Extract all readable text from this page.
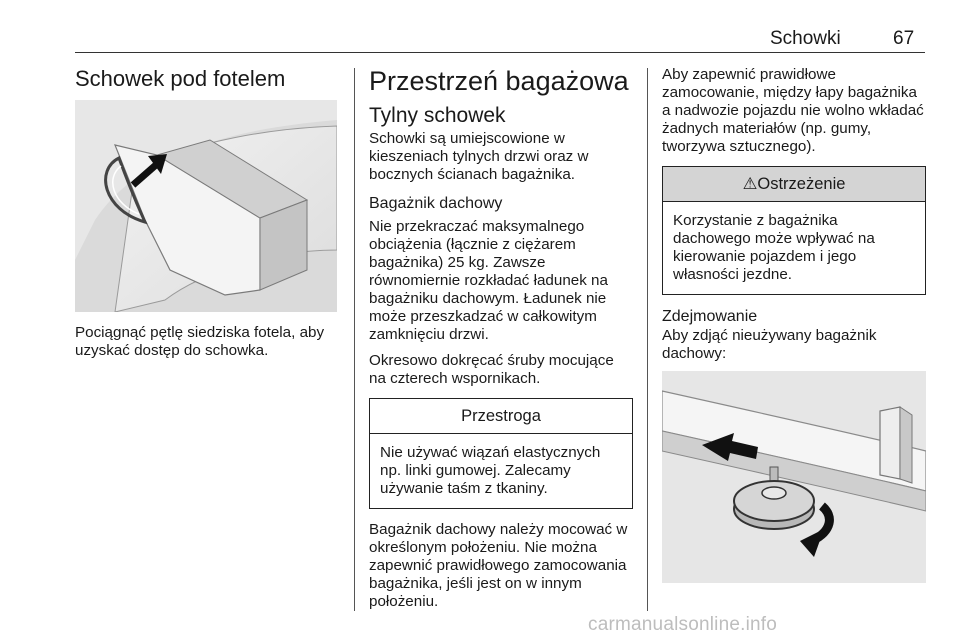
Schowki	67
Schowek pod fotelem

Pociągnąć pętlę siedziska fotela, aby uzyskać dostęp do schowka.

Przestrzeń bagażowa
Tylny schowek

Schowki są umiejscowione w kieszeniach tylnych drzwi oraz w bocznych ścianach bagażnika.

Bagażnik dachowy

Nie przekraczać maksymalnego obciążenia (łącznie z ciężarem bagażnika) 25 kg. Zawsze równomiernie rozkładać ładunek na bagażniku dachowym. Ładunek nie może przeszkadzać w całkowitym zamknięciu drzwi.

Okresowo dokręcać śruby mocujące na czterech wspornikach.

Przestroga

Nie używać wiązań elastycznych np. linki gumowej. Zalecamy używanie taśm z tkaniny.

Bagażnik dachowy należy mocować w określonym położeniu. Nie można zapewnić prawidłowego zamocowania bagażnika, jeśli jest on w innym położeniu.

Aby zapewnić prawidłowe zamocowanie, między łapy bagażnika a nadwozie pojazdu nie wolno wkładać żadnych materiałów (np. gumy, tworzywa sztucznego).

⚠Ostrzeżenie

Korzystanie z bagażnika dachowego może wpływać na kierowanie pojazdem i jego własności jezdne.

Zdejmowanie

Aby zdjąć nieużywany bagażnik dachowy:

carmanualsonline.info
